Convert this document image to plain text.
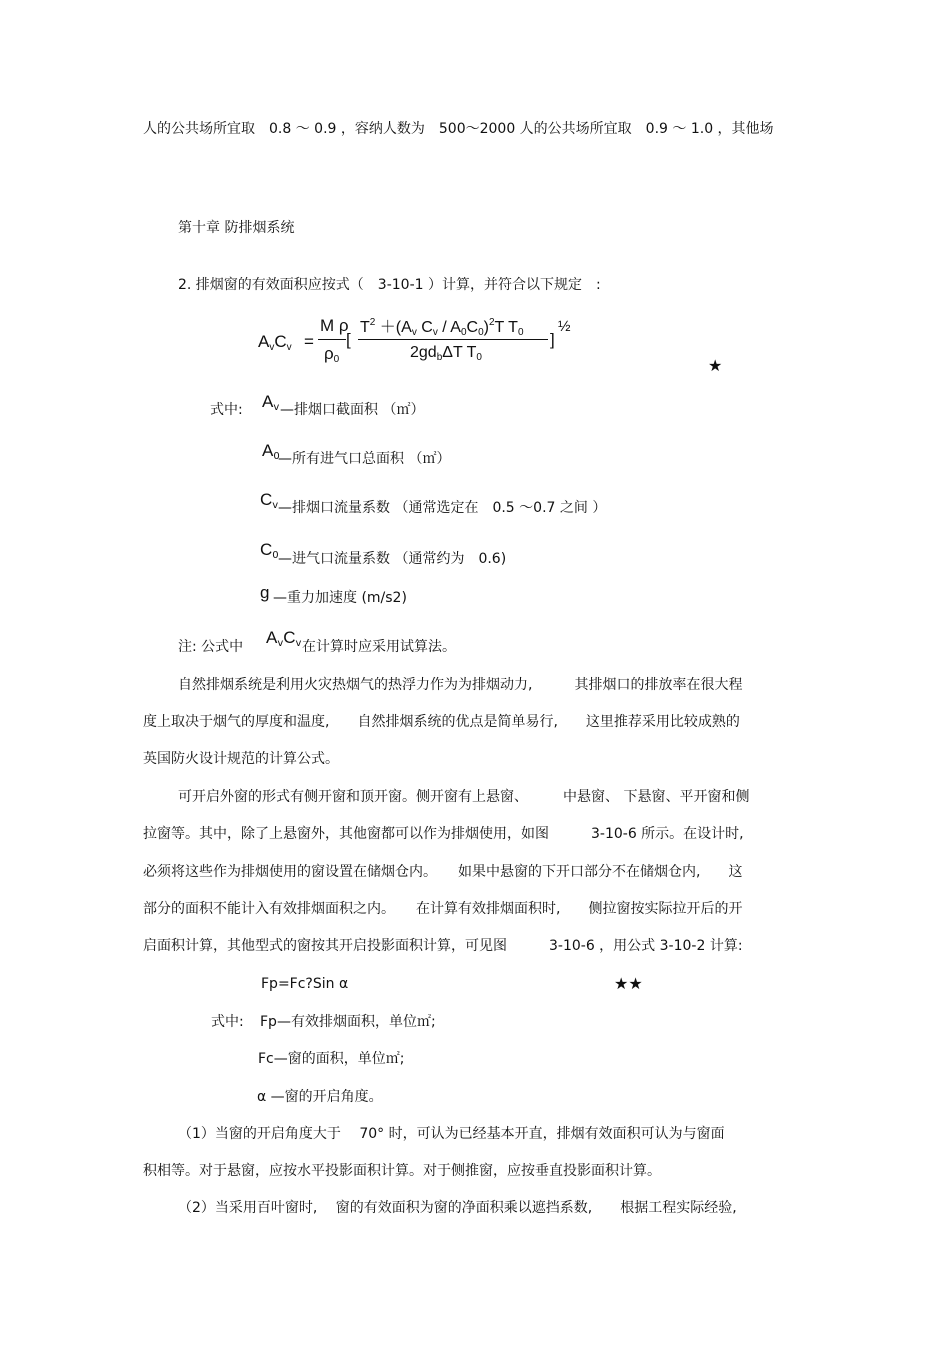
人的公共场所宜取　0.8 ～ 0.9 ，容纳人数为　500～2000 人的公共场所宜取　0.9 ～ 1.0 ，其他场
第十章 防排烟系统
2. 排烟窗的有效面积应按式（　3-10-1 ）计算，并符合以下规定　:
$A_vC_v$ =
M ρ
$\rho_0$
[
$T^2 +(A_v$ $C_v / A_0C_0)^2T$ $T_0$
$2gd_b\Delta T$ $T_0$
]
½
★
式中: $A_v$ —排烟口截面积 （㎡）
$A_0$
—所有进气口总面积 （㎡）
$C_v$ —排烟口流量系数 （通常选定在　0.5 ～0.7 之间 ）
$C_0$ —进气口流量系数 （通常约为　0.6)
g —重力加速度 (m/s2)
注: 公式中 $A_vC_v$ 在计算时应采用试算法。
自然排烟系统是利用火灾热烟气的热浮力作为为排烟动力,　　　其排烟口的排放率在很大程
度上取决于烟气的厚度和温度,　　自然排烟系统的优点是简单易行,　　这里推荐采用比较成熟的
英国防火设计规范的计算公式。
可开启外窗的形式有侧开窗和顶开窗。侧开窗有上悬窗、　　　中悬窗、 下悬窗、平开窗和侧
拉窗等。其中，除了上悬窗外，其他窗都可以作为排烟使用，如图　　　3-10-6 所示。在设计时,
必须将这些作为排烟使用的窗设置在储烟仓内。　　如果中悬窗的下开口部分不在储烟仓内,　　这
部分的面积不能计入有效排烟面积之内。　　在计算有效排烟面积时,　　侧拉窗按实际拉开后的开
启面积计算，其他型式的窗按其开启投影面积计算，可见图　　　3-10-6 ，用公式 3-10-2 计算:
Fp=Fc?Sin α	★★
式中: Fp—有效排烟面积，单位㎡;
Fc—窗的面积，单位㎡;
α —窗的开启角度。
（1）当窗的开启角度大于　 70° 时，可认为已经基本开直，排烟有效面积可认为与窗面
积相等。对于悬窗，应按水平投影面积计算。对于侧推窗，应按垂直投影面积计算。
（2）当采用百叶窗时,　 窗的有效面积为窗的净面积乘以遮挡系数,　　根据工程实际经验,
